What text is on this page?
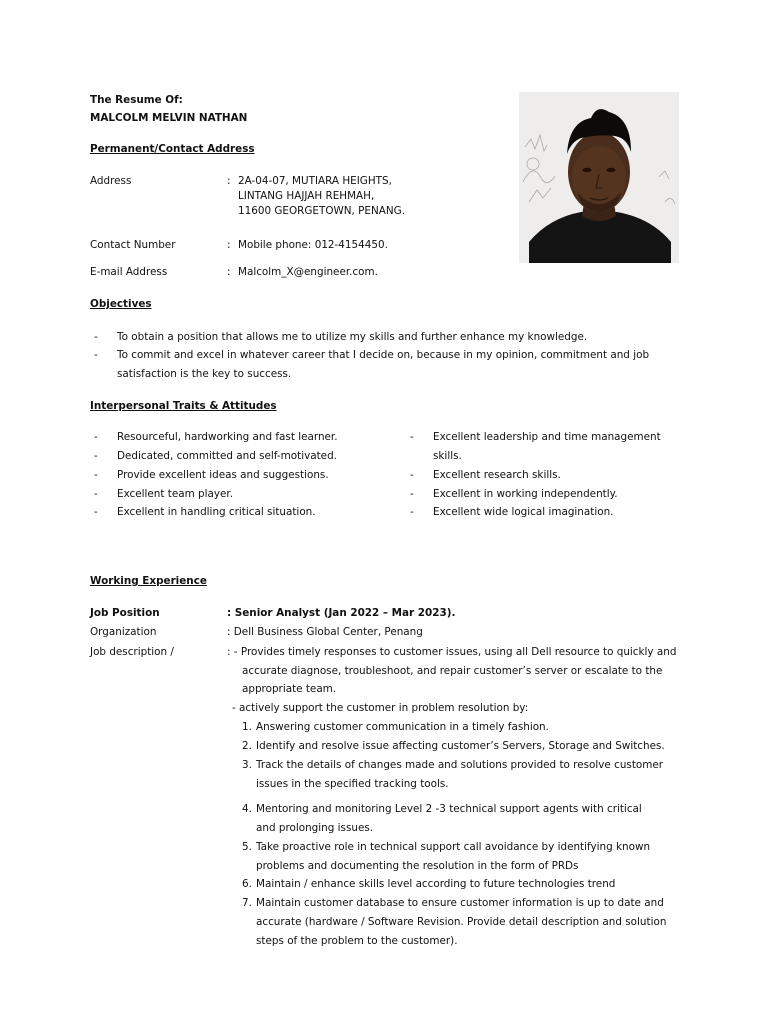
The Resume Of:
MALCOLM MELVIN NATHAN
Permanent/Contact Address
Address	: 2A-04-07, MUTIARA HEIGHTS,
LINTANG HAJJAH REHMAH,
11600 GEORGETOWN, PENANG.
Contact Number	: Mobile phone: 012-4154450.
E-mail Address	: Malcolm_X@engineer.com.
Objectives
- To obtain a position that allows me to utilize my skills and further enhance my knowledge.
- To commit and excel in whatever career that I decide on, because in my opinion, commitment and job
satisfaction is the key to success.
Interpersonal Traits & Attitudes
- Resourceful, hardworking and fast learner.
- Dedicated, committed and self-motivated.
- Provide excellent ideas and suggestions.
- Excellent team player.
- Excellent in handling critical situation.
- Excellent leadership and time management
skills.
- Excellent research skills.
- Excellent in working independently.
- Excellent wide logical imagination.
Working Experience
Job Position	: Senior Analyst (Jan 2022 – Mar 2023).
Organization	: Dell Business Global Center, Penang
Job description /	: - Provides timely responses to customer issues, using all Dell resource to quickly and
accurate diagnose, troubleshoot, and repair customer’s server or escalate to the
appropriate team.
- actively support the customer in problem resolution by:
1. Answering customer communication in a timely fashion.
2. Identify and resolve issue affecting customer’s Servers, Storage and Switches.
3. Track the details of changes made and solutions provided to resolve customer
issues in the specified tracking tools.
4. Mentoring and monitoring Level 2 -3 technical support agents with critical
and prolonging issues.
5. Take proactive role in technical support call avoidance by identifying known
problems and documenting the resolution in the form of PRDs
6. Maintain / enhance skills level according to future technologies trend
7. Maintain customer database to ensure customer information is up to date and
accurate (hardware / Software Revision. Provide detail description and solution
steps of the problem to the customer).
